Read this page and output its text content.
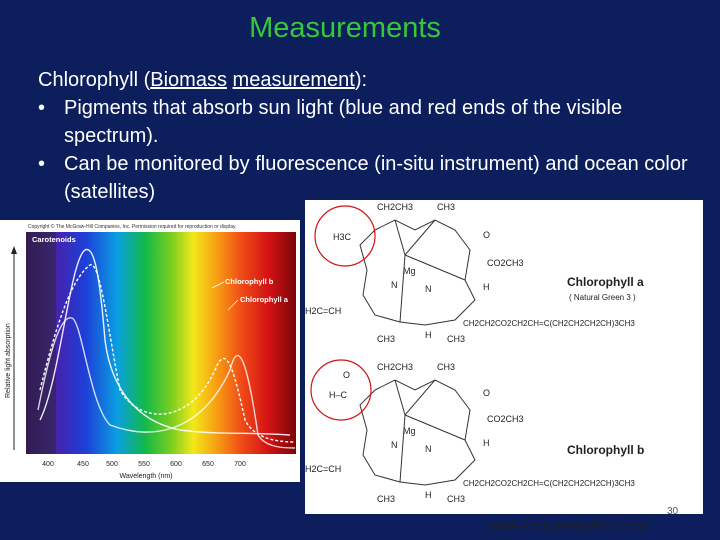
Measurements
Chlorophyll (Biomass measurement):
• Pigments that absorb sun light (blue and red ends of the visible spectrum).
• Can be monitored by fluorescence (in-situ instrument) and ocean color (satellites)
Copyright © The McGraw-Hill Companies, Inc. Permission required for reproduction or display.
Relative light absorption
Carotenoids
Chlorophyll b
Chlorophyll a
400	450 500	550	600	650	700
Wavelength (nm)
CH2CH3	CH3
H3C	O
CO2CH3
Mg
N	N	H
H2C=CH
CH3	H CH3
CH2CH2CO2CH2CH=C(CH2CH2CH2CH)3CH3
Chlorophyll a
( Natural Green 3 )
CH2CH3	CH3
O
H–C	O
CO2CH3
Mg
N	N
H
H2C=CH
CH3	H CH3
CH2CH2CO2CH2CH=C(CH2CH2CH2CH)3CH3
Chlorophyll b
30
www.succulent-plant.com
